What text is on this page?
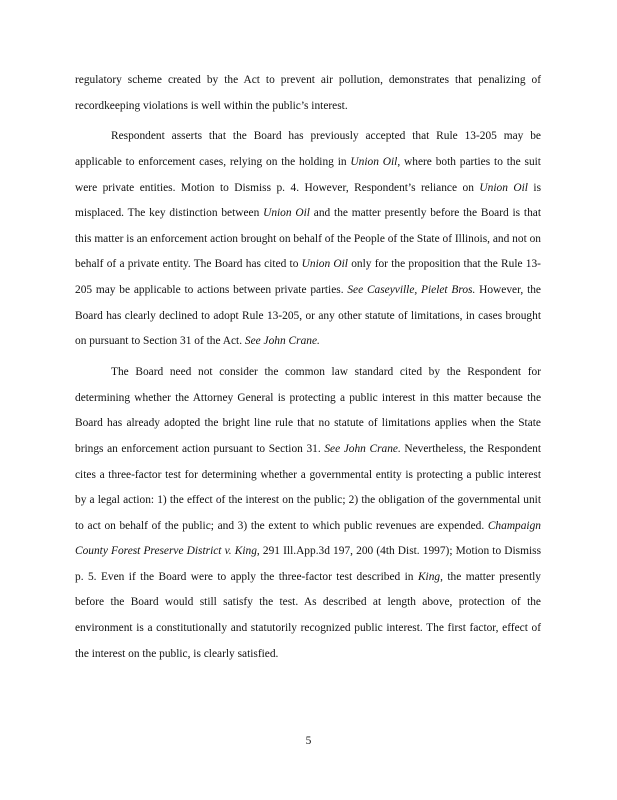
regulatory scheme created by the Act to prevent air pollution, demonstrates that penalizing of recordkeeping violations is well within the public’s interest.

Respondent asserts that the Board has previously accepted that Rule 13-205 may be applicable to enforcement cases, relying on the holding in Union Oil, where both parties to the suit were private entities. Motion to Dismiss p. 4. However, Respondent’s reliance on Union Oil is misplaced. The key distinction between Union Oil and the matter presently before the Board is that this matter is an enforcement action brought on behalf of the People of the State of Illinois, and not on behalf of a private entity. The Board has cited to Union Oil only for the proposition that the Rule 13-205 may be applicable to actions between private parties. See Caseyville, Pielet Bros. However, the Board has clearly declined to adopt Rule 13-205, or any other statute of limitations, in cases brought on pursuant to Section 31 of the Act. See John Crane.

The Board need not consider the common law standard cited by the Respondent for determining whether the Attorney General is protecting a public interest in this matter because the Board has already adopted the bright line rule that no statute of limitations applies when the State brings an enforcement action pursuant to Section 31. See John Crane. Nevertheless, the Respondent cites a three-factor test for determining whether a governmental entity is protecting a public interest by a legal action: 1) the effect of the interest on the public; 2) the obligation of the governmental unit to act on behalf of the public; and 3) the extent to which public revenues are expended. Champaign County Forest Preserve District v. King, 291 Ill.App.3d 197, 200 (4th Dist. 1997); Motion to Dismiss p. 5. Even if the Board were to apply the three-factor test described in King, the matter presently before the Board would still satisfy the test. As described at length above, protection of the environment is a constitutionally and statutorily recognized public interest. The first factor, effect of the interest on the public, is clearly satisfied.

5
